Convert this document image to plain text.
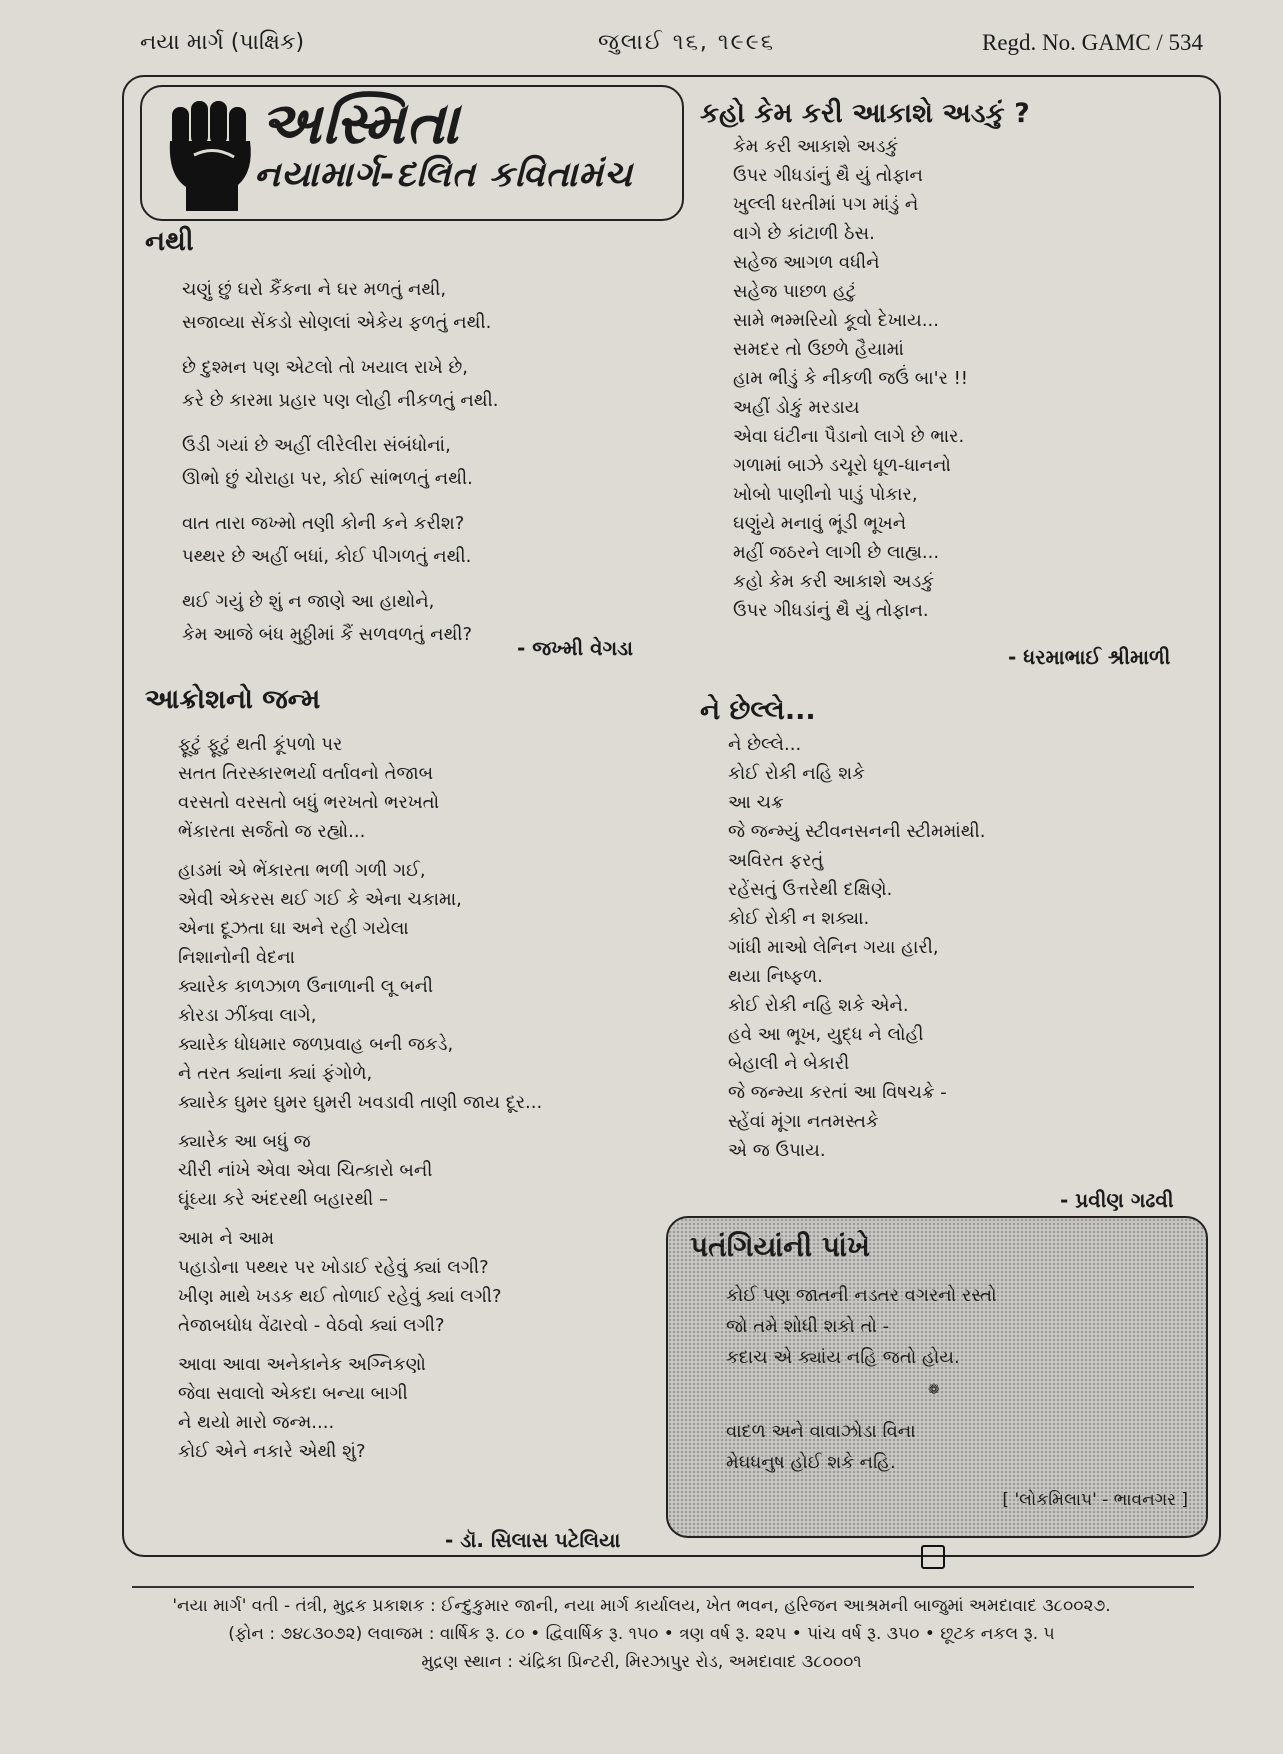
નયા માર્ગ (પાક્ષિક)	જુલાઈ ૧૬, ૧૯૯૬	Regd. No. GAMC / 534
અસ્મિતા
નયામાર્ગ-દલિત કવિતામંચ
નથી
ચણું છું ઘરો કૈંકના ને ઘર મળતું નથી,
સજાવ્યા સેંકડો સોણલાં એકેય ફળતું નથી.
છે દુશ્મન પણ એટલો તો ખયાલ રાખે છે,
કરે છે કારમા પ્રહાર પણ લોહી નીકળતું નથી.
ઉડી ગયાં છે અહીં લીરેલીરા સંબંધોનાં,
ઊભો છું ચોરાહા પર, કોઈ સાંભળતું નથી.
વાત તારા જખ્મો તણી કોની કને કરીશ?
પથ્થર છે અહીં બધાં, કોઈ પીગળતું નથી.
થઈ ગયું છે શું ન જાણે આ હાથોને,
કેમ આજે બંધ મુઠ્ઠીમાં કૈં સળવળતું નથી?
- જખ્મી વેગડા
આક્રોશનો જન્મ
ફૂટું ફૂટું થતી કૂંપળો પર
સતત તિરસ્કારભર્યા વર્તાવનો તેજાબ
વરસતો વરસતો બધું ભરખતો ભરખતો
ભેંકારતા સર્જતો જ રહ્યો...
હાડમાં એ ભેંકારતા ભળી ગળી ગઈ,
એવી એકરસ થઈ ગઈ કે એના ચકામા,
એના દૂઝતા ઘા અને રહી ગયેલા
નિશાનોની વેદના
ક્યારેક કાળઝાળ ઉનાળાની લૂ બની
કોરડા ઝીંક્વા લાગે,
ક્યારેક ધોધમાર જળપ્રવાહ બની જકડે,
ને તરત ક્યાંના ક્યાં ફંગોળે,
ક્યારેક ઘુમર ઘુમર ઘુમરી ખવડાવી તાણી જાય દૂર...
ક્યારેક આ બધું જ
ચીરી નાંખે એવા એવા ચિત્કારો બની
ઘૂંઘ્યા કરે અંદરથી બહારથી –
આમ ને આમ
પહાડોના પથ્થર પર ખોડાઈ રહેવું ક્યાં લગી?
ખીણ માથે ખડક થઈ તોળાઈ રહેવું ક્યાં લગી?
તેજાબધોધ વેંઢારવો - વેઠવો ક્યાં લગી?
આવા આવા અનેકાનેક અગ્નિકણો
જેવા સવાલો એકદા બન્યા બાગી
ને થયો મારો જન્મ....
કોઈ એને નકારે એથી શું?
- ડૉ. સિલાસ પટેલિયા
કહો કેમ કરી આકાશે અડકું ?
કેમ કરી આકાશે અડકું
ઉપર ગીધડાંનું થૈ યું તોફાન
ખુલ્લી ધરતીમાં પગ માંડું ને
વાગે છે કાંટાળી ઠેસ.
સહેજ આગળ વધીને
સહેજ પાછળ હટું
સામે ભમ્મરિયો કૂવો દેખાય...
સમદર તો ઉછળે હૈયામાં
હામ ભીડું કે નીકળી જઉં બા'ર !!
અહીં ડોકું મરડાય
એવા ઘંટીના પૈડાનો લાગે છે ભાર.
ગળામાં બાઝે ડચૂરો ધૂળ-ધાનનો
ખોબો પાણીનો પાડું પોકાર,
ઘણુંયે મનાવું ભૂંડી ભૂખને
મહીં જઠરને લાગી છે લાહ્ય...
કહો કેમ કરી આકાશે અડકું
ઉપર ગીધડાંનું થૈ યું તોફાન.
- ધરમાભાઈ શ્રીમાળી
ને છેલ્લે...
ને છેલ્લે...
કોઈ રોકી નહિ શકે
આ ચક્ર
જે જન્મ્યું સ્ટીવનસનની સ્ટીમમાંથી.
અવિરત ફરતું
રહેંસતું ઉત્તરેથી દક્ષિણે.
કોઈ રોકી ન શક્યા.
ગાંધી માઓ લેનિન ગયા હારી,
થયા નિષ્ફળ.
કોઈ રોકી નહિ શકે એને.
હવે આ ભૂખ, યુદ્ધ ને લોહી
બેહાલી ને બેકારી
જે જન્મ્યા કરતાં આ વિષચક્રે -
સ્હેંવાં મૂંગા નતમસ્તકે
એ જ ઉપાય.
- પ્રવીણ ગઢવી
પતંગિયાંની પાંખે
કોઈ પણ જાતની નડતર વગરનો રસ્તો
જો તમે શોધી શકો તો -
કદાચ એ ક્યાંય નહિ જતો હોય.
❁
વાદળ અને વાવાઝોડા વિના
મેઘધનુષ હોઈ શકે નહિ.
[ 'લોકમિલાપ' - ભાવનગર ]
'નયા માર્ગ' વતી - તંત્રી, મુદ્રક પ્રકાશક : ઈન્દુકુમાર જાની, નયા માર્ગ કાર્યાલય, ખેત ભવન, હરિજન આશ્રમની બાજુમાં અમદાવાદ ૩૮૦૦૨૭.
(ફોન : ૭૪૮૩૦૭૨) લવાજમ : વાર્ષિક રૂ. ૮૦ • દ્વિવાર્ષિક રૂ. ૧૫૦ • ત્રણ વર્ષ રૂ. ૨૨૫ • પાંચ વર્ષ રૂ. ૩૫૦ • છૂટક નકલ રૂ. ૫
મુદ્રણ સ્થાન : ચંદ્રિકા પ્રિન્ટરી, મિરઝાપુર રોડ, અમદાવાદ ૩૮૦૦૦૧
